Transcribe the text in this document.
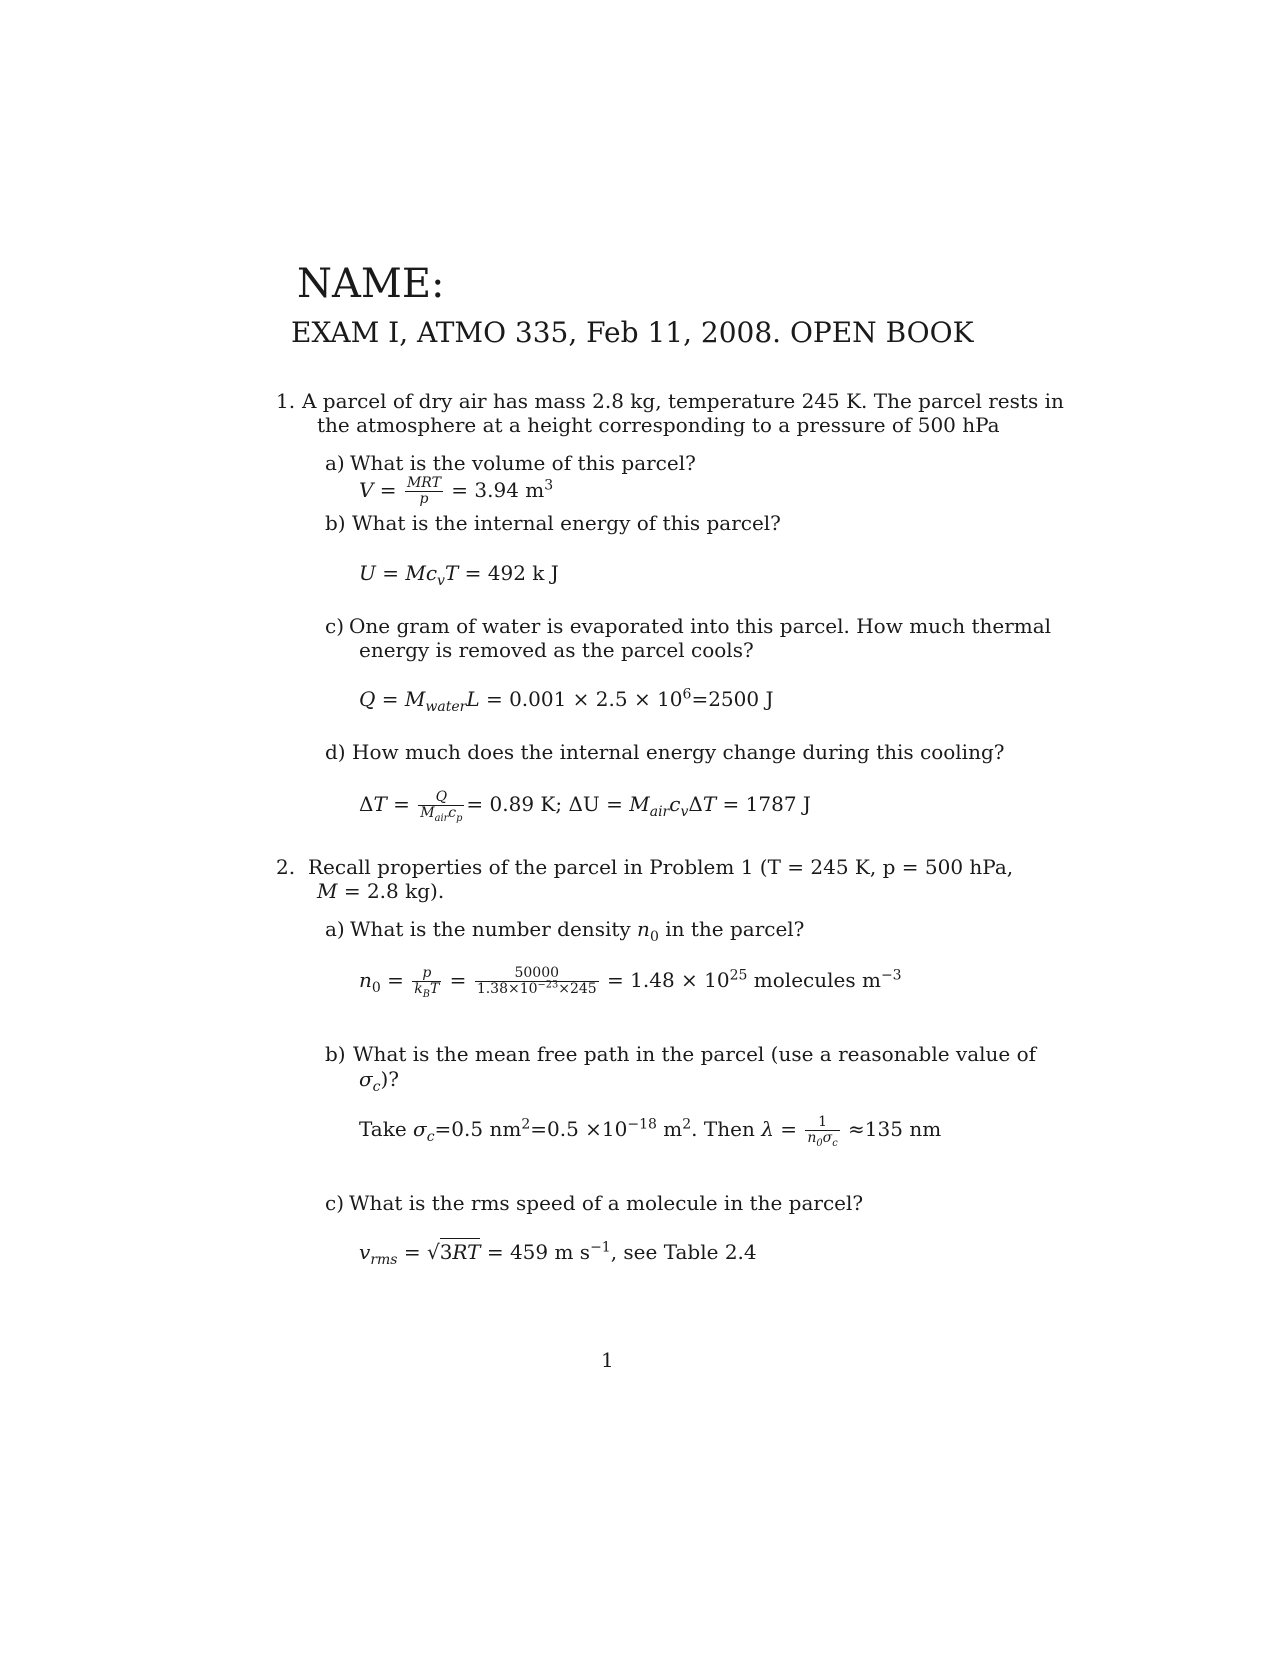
NAME:
EXAM I, ATMO 335, Feb 11, 2008. OPEN BOOK
1. A parcel of dry air has mass 2.8 kg, temperature 245 K. The parcel rests in
the atmosphere at a height corresponding to a pressure of 500 hPa
a) What is the volume of this parcel?
$V = \frac{\text{MRT}}{p} = 3.94$ $m^3$
b) What is the internal energy of this parcel?
$U = Mc_vT = 492$ k J
c) One gram of water is evaporated into this parcel. How much thermal
energy is removed as the parcel cools?
$Q = M_{water}L = 0.001 \times 2.5 \times 10^6=2500$ J
d) How much does the internal energy change during this cooling?
$\Delta T = \frac{Q}{M_{air}c_p} = 0.89$ K; $\Delta U = M_{air}c_v\Delta T = 1787$ J
2. Recall properties of the parcel in Problem 1 (T = 245 K, p = 500 hPa,
M = 2.8 kg).
a) What is the number density $n_0$ in the parcel?
$n_0 = \frac{p}{k_BT} = \frac{50000}{1.38\times 10^{-23}\times 245} = 1.48 \times 10^{25}$ molecules $m^{-3}$
b) What is the mean free path in the parcel (use a reasonable value of
$\sigma_c$)?
Take $\sigma_c=0.5$ $nm^2=0.5 \times 10^{-18}$ $m^2$. Then $\lambda = \frac{1}{n_0\sigma_c} \approx 135$ nm
c) What is the rms speed of a molecule in the parcel?
$v_{rms} = √3RT = 459$ m $s^{-1}$, see Table 2.4
1
